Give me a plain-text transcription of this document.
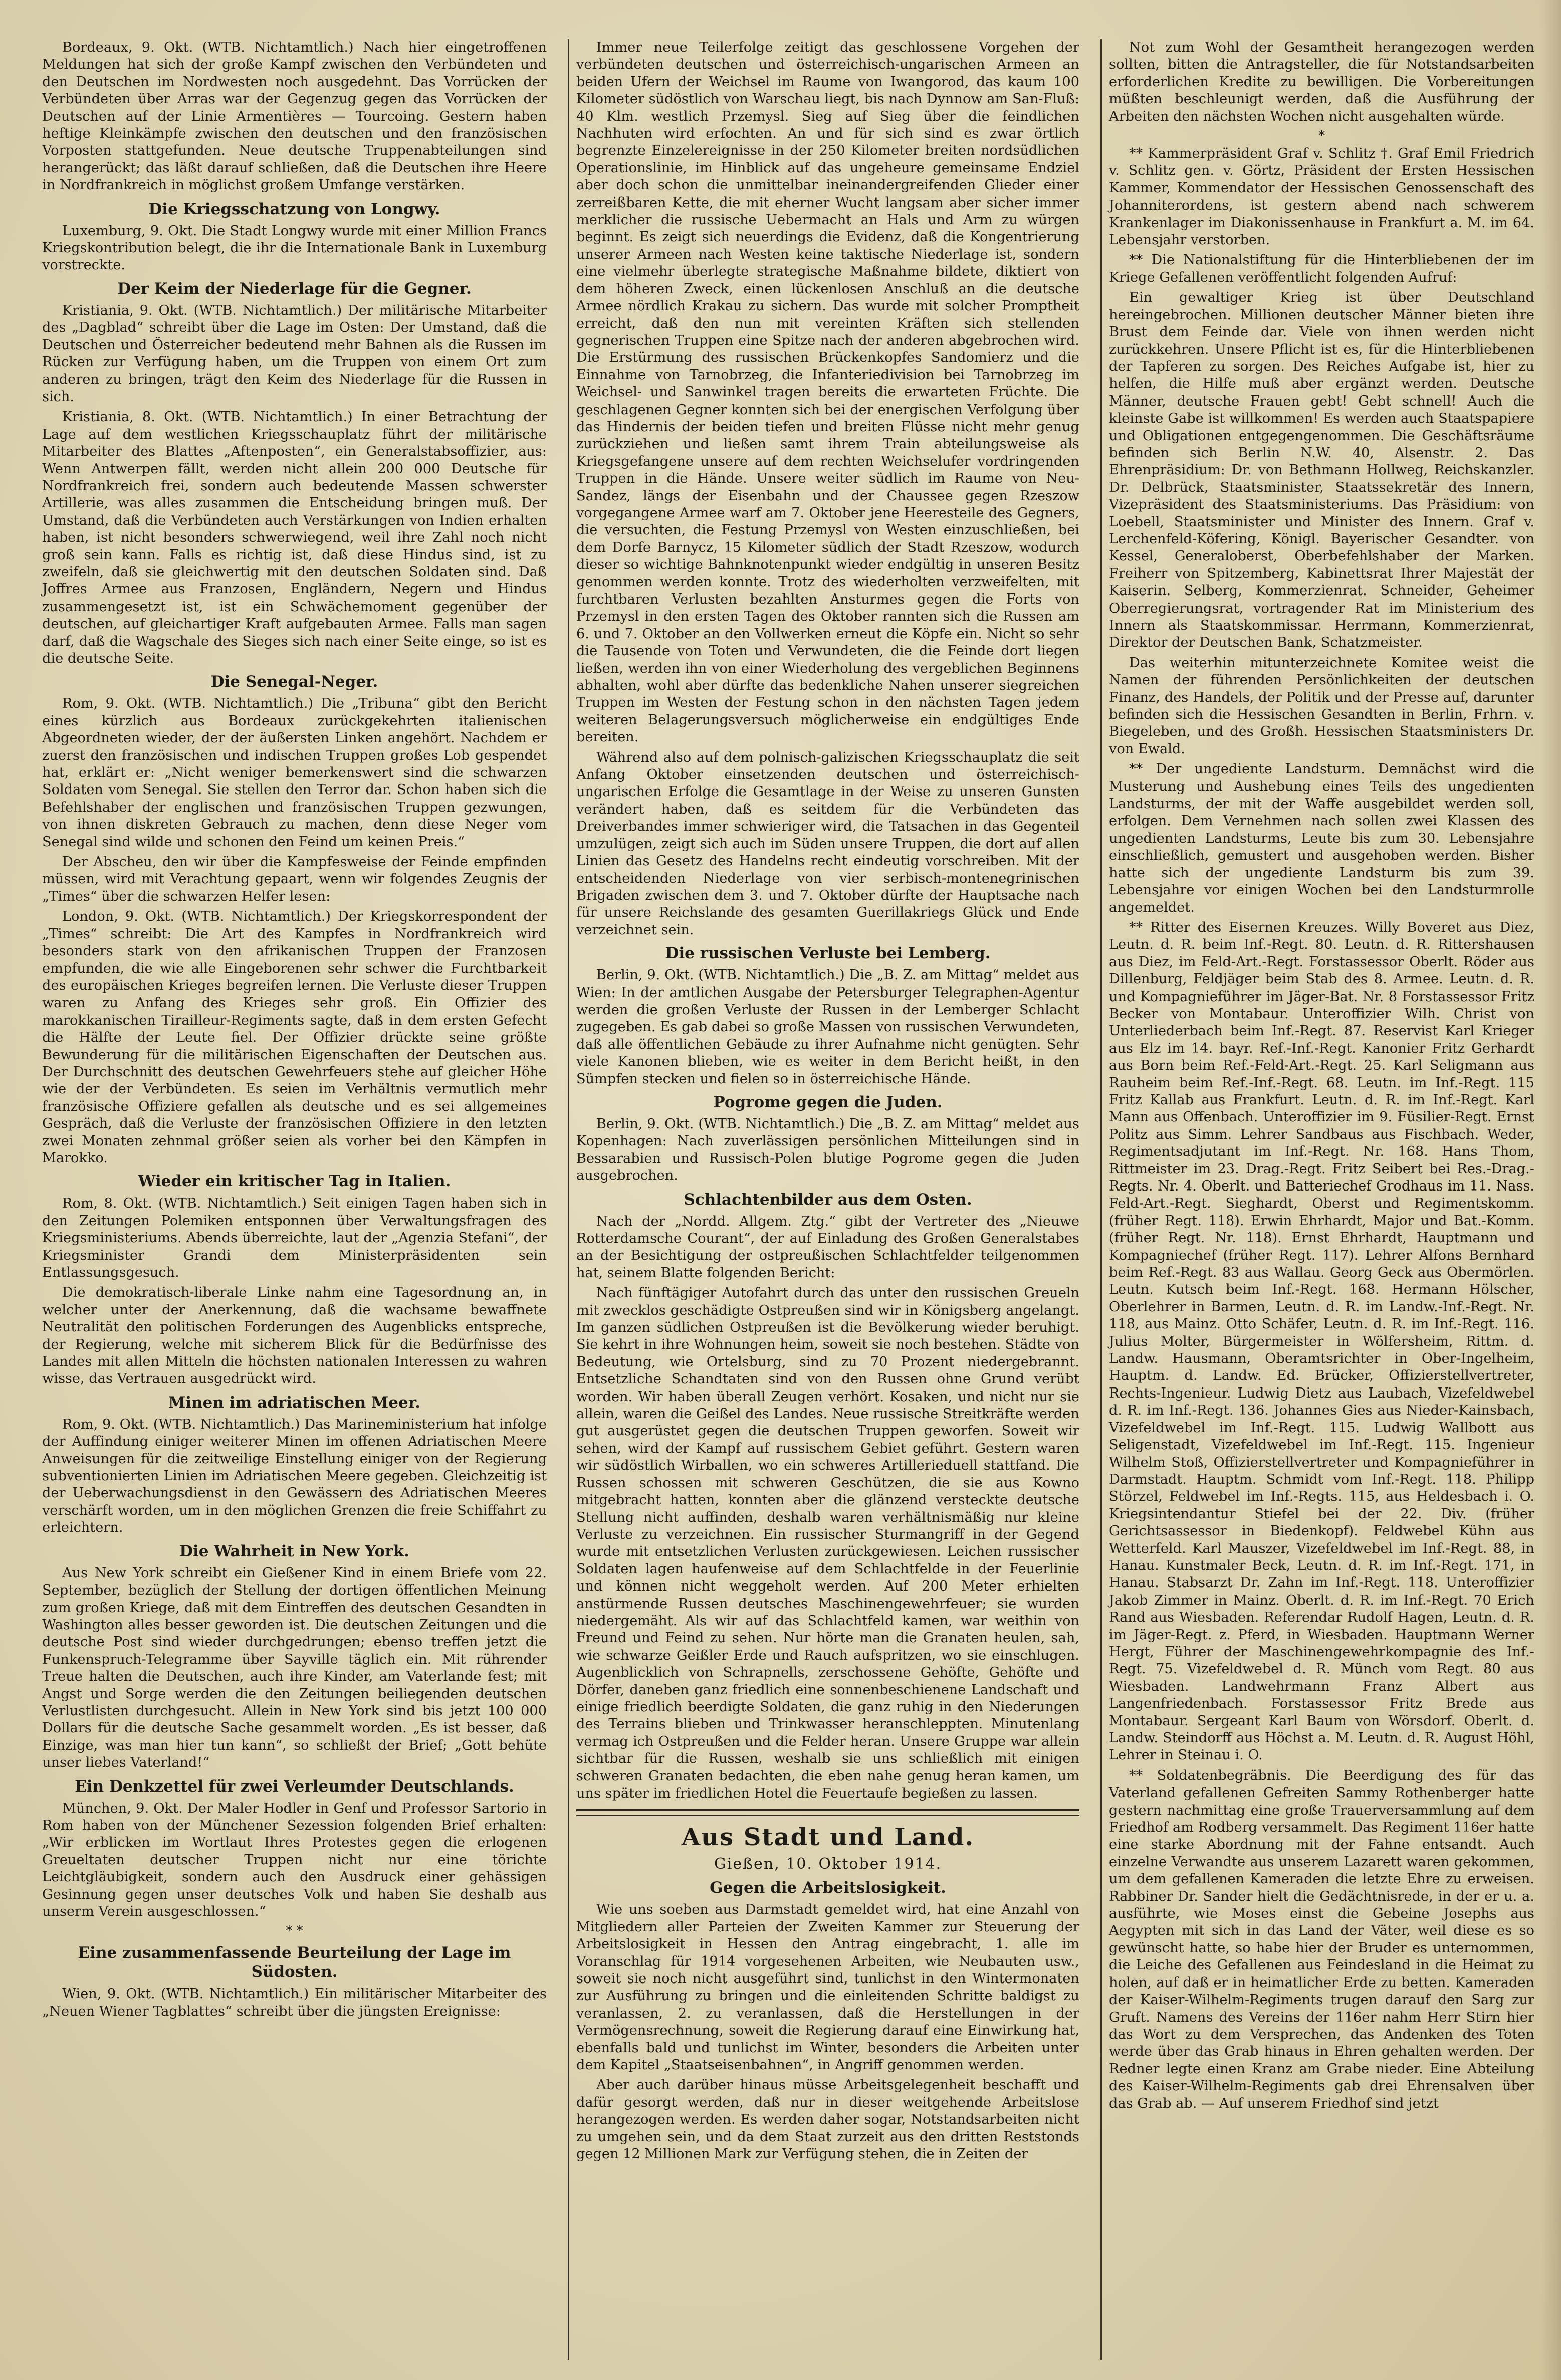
Bordeaux, 9. Okt. (WTB. Nichtamtlich.) Nach hier eingetroffenen Meldungen hat sich der große Kampf zwischen den Verbündeten und den Deutschen im Nordwesten noch ausgedehnt. Das Vorrücken der Verbündeten über Arras war der Gegenzug gegen das Vorrücken der Deutschen auf der Linie Armentières — Tourcoing. Gestern haben heftige Kleinkämpfe zwischen den deutschen und den französischen Vorposten stattgefunden. Neue deutsche Truppenabteilungen sind herangerückt; das läßt darauf schließen, daß die Deutschen ihre Heere in Nordfrankreich in möglichst großem Umfange verstärken.

Die Kriegsschatzung von Longwy.

Luxemburg, 9. Okt. Die Stadt Longwy wurde mit einer Million Francs Kriegskontribution belegt, die ihr die Internationale Bank in Luxemburg vorstreckte.

Der Keim der Niederlage für die Gegner.

Kristiania, 9. Okt. (WTB. Nichtamtlich.) Der militärische Mitarbeiter des „Dagblad“ schreibt über die Lage im Osten: Der Umstand, daß die Deutschen und Österreicher bedeutend mehr Bahnen als die Russen im Rücken zur Verfügung haben, um die Truppen von einem Ort zum anderen zu bringen, trägt den Keim des Niederlage für die Russen in sich.

Kristiania, 8. Okt. (WTB. Nichtamtlich.) In einer Betrachtung der Lage auf dem westlichen Kriegsschauplatz führt der militärische Mitarbeiter des Blattes „Aftenposten“, ein Generalstabsoffizier, aus: Wenn Antwerpen fällt, werden nicht allein 200 000 Deutsche für Nordfrankreich frei, sondern auch bedeutende Massen schwerster Artillerie, was alles zusammen die Entscheidung bringen muß. Der Umstand, daß die Verbündeten auch Verstärkungen von Indien erhalten haben, ist nicht besonders schwerwiegend, weil ihre Zahl noch nicht groß sein kann. Falls es richtig ist, daß diese Hindus sind, ist zu zweifeln, daß sie gleichwertig mit den deutschen Soldaten sind. Daß Joffres Armee aus Franzosen, Engländern, Negern und Hindus zusammengesetzt ist, ist ein Schwächemoment gegenüber der deutschen, auf gleichartiger Kraft aufgebauten Armee. Falls man sagen darf, daß die Wagschale des Sieges sich nach einer Seite einge, so ist es die deutsche Seite.

Die Senegal-Neger.

Rom, 9. Okt. (WTB. Nichtamtlich.) Die „Tribuna“ gibt den Bericht eines kürzlich aus Bordeaux zurückgekehrten italienischen Abgeordneten wieder, der der äußersten Linken angehört. Nachdem er zuerst den französischen und indischen Truppen großes Lob gespendet hat, erklärt er: „Nicht weniger bemerkenswert sind die schwarzen Soldaten vom Senegal. Sie stellen den Terror dar. Schon haben sich die Befehlshaber der englischen und französischen Truppen gezwungen, von ihnen diskreten Gebrauch zu machen, denn diese Neger vom Senegal sind wilde und schonen den Feind um keinen Preis.“

Der Abscheu, den wir über die Kampfesweise der Feinde empfinden müssen, wird mit Verachtung gepaart, wenn wir folgendes Zeugnis der „Times“ über die schwarzen Helfer lesen:

London, 9. Okt. (WTB. Nichtamtlich.) Der Kriegskorrespondent der „Times“ schreibt: Die Art des Kampfes in Nordfrankreich wird besonders stark von den afrikanischen Truppen der Franzosen empfunden, die wie alle Eingeborenen sehr schwer die Furchtbarkeit des europäischen Krieges begreifen lernen. Die Verluste dieser Truppen waren zu Anfang des Krieges sehr groß. Ein Offizier des marokkanischen Tirailleur-Regiments sagte, daß in dem ersten Gefecht die Hälfte der Leute fiel. Der Offizier drückte seine größte Bewunderung für die militärischen Eigenschaften der Deutschen aus. Der Durchschnitt des deutschen Gewehrfeuers stehe auf gleicher Höhe wie der der Verbündeten. Es seien im Verhältnis vermutlich mehr französische Offiziere gefallen als deutsche und es sei allgemeines Gespräch, daß die Verluste der französischen Offiziere in den letzten zwei Monaten zehnmal größer seien als vorher bei den Kämpfen in Marokko.

Wieder ein kritischer Tag in Italien.

Rom, 8. Okt. (WTB. Nichtamtlich.) Seit einigen Tagen haben sich in den Zeitungen Polemiken entsponnen über Verwaltungsfragen des Kriegsministeriums. Abends überreichte, laut der „Agenzia Stefani“, der Kriegsminister Grandi dem Ministerpräsidenten sein Entlassungsgesuch.

Die demokratisch-liberale Linke nahm eine Tagesordnung an, in welcher unter der Anerkennung, daß die wachsame bewaffnete Neutralität den politischen Forderungen des Augenblicks entspreche, der Regierung, welche mit sicherem Blick für die Bedürfnisse des Landes mit allen Mitteln die höchsten nationalen Interessen zu wahren wisse, das Vertrauen ausgedrückt wird.

Minen im adriatischen Meer.

Rom, 9. Okt. (WTB. Nichtamtlich.) Das Marineministerium hat infolge der Auffindung einiger weiterer Minen im offenen Adriatischen Meere Anweisungen für die zeitweilige Einstellung einiger von der Regierung subventionierten Linien im Adriatischen Meere gegeben. Gleichzeitig ist der Ueberwachungsdienst in den Gewässern des Adriatischen Meeres verschärft worden, um in den möglichen Grenzen die freie Schiffahrt zu erleichtern.

Die Wahrheit in New York.

Aus New York schreibt ein Gießener Kind in einem Briefe vom 22. September, bezüglich der Stellung der dortigen öffentlichen Meinung zum großen Kriege, daß mit dem Eintreffen des deutschen Gesandten in Washington alles besser geworden ist. Die deutschen Zeitungen und die deutsche Post sind wieder durchgedrungen; ebenso treffen jetzt die Funkenspruch-Telegramme über Sayville täglich ein. Mit rührender Treue halten die Deutschen, auch ihre Kinder, am Vaterlande fest; mit Angst und Sorge werden die den Zeitungen beiliegenden deutschen Verlustlisten durchgesucht. Allein in New York sind bis jetzt 100 000 Dollars für die deutsche Sache gesammelt worden. „Es ist besser, daß Einzige, was man hier tun kann“, so schließt der Brief; „Gott behüte unser liebes Vaterland!“

Ein Denkzettel für zwei Verleumder Deutschlands.

München, 9. Okt. Der Maler Hodler in Genf und Professor Sartorio in Rom haben von der Münchener Sezession folgenden Brief erhalten: „Wir erblicken im Wortlaut Ihres Protestes gegen die erlogenen Greueltaten deutscher Truppen nicht nur eine törichte Leichtgläubigkeit, sondern auch den Ausdruck einer gehässigen Gesinnung gegen unser deutsches Volk und haben Sie deshalb aus unserm Verein ausgeschlossen.“

* *
Eine zusammenfassende Beurteilung der Lage im Südosten.

Wien, 9. Okt. (WTB. Nichtamtlich.) Ein militärischer Mitarbeiter des „Neuen Wiener Tagblattes“ schreibt über die jüngsten Ereignisse:

Immer neue Teilerfolge zeitigt das geschlossene Vorgehen der verbündeten deutschen und österreichisch-ungarischen Armeen an beiden Ufern der Weichsel im Raume von Iwangorod, das kaum 100 Kilometer südöstlich von Warschau liegt, bis nach Dynnow am San-Fluß: 40 Klm. westlich Przemysl. Sieg auf Sieg über die feindlichen Nachhuten wird erfochten. An und für sich sind es zwar örtlich begrenzte Einzelereignisse in der 250 Kilometer breiten nordsüdlichen Operationslinie, im Hinblick auf das ungeheure gemeinsame Endziel aber doch schon die unmittelbar ineinandergreifenden Glieder einer zerreißbaren Kette, die mit eherner Wucht langsam aber sicher immer merklicher die russische Uebermacht an Hals und Arm zu würgen beginnt. Es zeigt sich neuerdings die Evidenz, daß die Kongentrierung unserer Armeen nach Westen keine taktische Niederlage ist, sondern eine vielmehr überlegte strategische Maßnahme bildete, diktiert von dem höheren Zweck, einen lückenlosen Anschluß an die deutsche Armee nördlich Krakau zu sichern. Das wurde mit solcher Promptheit erreicht, daß den nun mit vereinten Kräften sich stellenden gegnerischen Truppen eine Spitze nach der anderen abgebrochen wird. Die Erstürmung des russischen Brückenkopfes Sandomierz und die Einnahme von Tarnobrzeg, die Infanteriedivision bei Tarnobrzeg im Weichsel- und Sanwinkel tragen bereits die erwarteten Früchte. Die geschlagenen Gegner konnten sich bei der energischen Verfolgung über das Hindernis der beiden tiefen und breiten Flüsse nicht mehr genug zurückziehen und ließen samt ihrem Train abteilungsweise als Kriegsgefangene unsere auf dem rechten Weichselufer vordringenden Truppen in die Hände. Unsere weiter südlich im Raume von Neu-Sandez, längs der Eisenbahn und der Chaussee gegen Rzeszow vorgegangene Armee warf am 7. Oktober jene Heeresteile des Gegners, die versuchten, die Festung Przemysl von Westen einzuschließen, bei dem Dorfe Barnycz, 15 Kilometer südlich der Stadt Rzeszow, wodurch dieser so wichtige Bahnknotenpunkt wieder endgültig in unseren Besitz genommen werden konnte. Trotz des wiederholten verzweifelten, mit furchtbaren Verlusten bezahlten Ansturmes gegen die Forts von Przemysl in den ersten Tagen des Oktober rannten sich die Russen am 6. und 7. Oktober an den Vollwerken erneut die Köpfe ein. Nicht so sehr die Tausende von Toten und Verwundeten, die die Feinde dort liegen ließen, werden ihn von einer Wiederholung des vergeblichen Beginnens abhalten, wohl aber dürfte das bedenkliche Nahen unserer siegreichen Truppen im Westen der Festung schon in den nächsten Tagen jedem weiteren Belagerungsversuch möglicherweise ein endgültiges Ende bereiten.

Während also auf dem polnisch-galizischen Kriegsschauplatz die seit Anfang Oktober einsetzenden deutschen und österreichisch-ungarischen Erfolge die Gesamtlage in der Weise zu unseren Gunsten verändert haben, daß es seitdem für die Verbündeten das Dreiverbandes immer schwieriger wird, die Tatsachen in das Gegenteil umzulügen, zeigt sich auch im Süden unsere Truppen, die dort auf allen Linien das Gesetz des Handelns recht eindeutig vorschreiben. Mit der entscheidenden Niederlage von vier serbisch-montenegrinischen Brigaden zwischen dem 3. und 7. Oktober dürfte der Hauptsache nach für unsere Reichslande des gesamten Guerillakriegs Glück und Ende verzeichnet sein.

Die russischen Verluste bei Lemberg.

Berlin, 9. Okt. (WTB. Nichtamtlich.) Die „B. Z. am Mittag“ meldet aus Wien: In der amtlichen Ausgabe der Petersburger Telegraphen-Agentur werden die großen Verluste der Russen in der Lemberger Schlacht zugegeben. Es gab dabei so große Massen von russischen Verwundeten, daß alle öffentlichen Gebäude zu ihrer Aufnahme nicht genügten. Sehr viele Kanonen blieben, wie es weiter in dem Bericht heißt, in den Sümpfen stecken und fielen so in österreichische Hände.

Pogrome gegen die Juden.

Berlin, 9. Okt. (WTB. Nichtamtlich.) Die „B. Z. am Mittag“ meldet aus Kopenhagen: Nach zuverlässigen persönlichen Mitteilungen sind in Bessarabien und Russisch-Polen blutige Pogrome gegen die Juden ausgebrochen.

Schlachtenbilder aus dem Osten.

Nach der „Nordd. Allgem. Ztg.“ gibt der Vertreter des „Nieuwe Rotterdamsche Courant“, der auf Einladung des Großen Generalstabes an der Besichtigung der ostpreußischen Schlachtfelder teilgenommen hat, seinem Blatte folgenden Bericht:

Nach fünftägiger Autofahrt durch das unter den russischen Greueln mit zwecklos geschädigte Ostpreußen sind wir in Königsberg angelangt. Im ganzen südlichen Ostpreußen ist die Bevölkerung wieder beruhigt. Sie kehrt in ihre Wohnungen heim, soweit sie noch bestehen. Städte von Bedeutung, wie Ortelsburg, sind zu 70 Prozent niedergebrannt. Entsetzliche Schandtaten sind von den Russen ohne Grund verübt worden. Wir haben überall Zeugen verhört. Kosaken, und nicht nur sie allein, waren die Geißel des Landes. Neue russische Streitkräfte werden gut ausgerüstet gegen die deutschen Truppen geworfen. Soweit wir sehen, wird der Kampf auf russischem Gebiet geführt. Gestern waren wir südöstlich Wirballen, wo ein schweres Artillerieduell stattfand. Die Russen schossen mit schweren Geschützen, die sie aus Kowno mitgebracht hatten, konnten aber die glänzend versteckte deutsche Stellung nicht auffinden, deshalb waren verhältnismäßig nur kleine Verluste zu verzeichnen. Ein russischer Sturmangriff in der Gegend wurde mit entsetzlichen Verlusten zurückgewiesen. Leichen russischer Soldaten lagen haufenweise auf dem Schlachtfelde in der Feuerlinie und können nicht weggeholt werden. Auf 200 Meter erhielten anstürmende Russen deutsches Maschinengewehrfeuer; sie wurden niedergemäht. Als wir auf das Schlachtfeld kamen, war weithin von Freund und Feind zu sehen. Nur hörte man die Granaten heulen, sah, wie schwarze Geißler Erde und Rauch aufspritzen, wo sie einschlugen. Augenblicklich von Schrapnells, zerschossene Gehöfte, Gehöfte und Dörfer, daneben ganz friedlich eine sonnenbeschienene Landschaft und einige friedlich beerdigte Soldaten, die ganz ruhig in den Niederungen des Terrains blieben und Trinkwasser heranschleppten. Minutenlang vermag ich Ostpreußen und die Felder heran. Unsere Gruppe war allein sichtbar für die Russen, weshalb sie uns schließlich mit einigen schweren Granaten bedachten, die eben nahe genug heran kamen, um uns später im friedlichen Hotel die Feuertaufe begießen zu lassen.

Aus Stadt und Land.
Gießen, 10. Oktober 1914.
Gegen die Arbeitslosigkeit.

Wie uns soeben aus Darmstadt gemeldet wird, hat eine Anzahl von Mitgliedern aller Parteien der Zweiten Kammer zur Steuerung der Arbeitslosigkeit in Hessen den Antrag eingebracht, 1. alle im Voranschlag für 1914 vorgesehenen Arbeiten, wie Neubauten usw., soweit sie noch nicht ausgeführt sind, tunlichst in den Wintermonaten zur Ausführung zu bringen und die einleitenden Schritte baldigst zu veranlassen, 2. zu veranlassen, daß die Herstellungen in der Vermögensrechnung, soweit die Regierung darauf eine Einwirkung hat, ebenfalls bald und tunlichst im Winter, besonders die Arbeiten unter dem Kapitel „Staatseisenbahnen“, in Angriff genommen werden.

Aber auch darüber hinaus müsse Arbeitsgelegenheit beschafft und dafür gesorgt werden, daß nur in dieser weitgehende Arbeitslose herangezogen werden. Es werden daher sogar, Notstandsarbeiten nicht zu umgehen sein, und da dem Staat zurzeit aus den dritten Reststonds gegen 12 Millionen Mark zur Verfügung stehen, die in Zeiten der

Not zum Wohl der Gesamtheit herangezogen werden sollten, bitten die Antragsteller, die für Notstandsarbeiten erforderlichen Kredite zu bewilligen. Die Vorbereitungen müßten beschleunigt werden, daß die Ausführung der Arbeiten den nächsten Wochen nicht ausgehalten würde.

*

** Kammerpräsident Graf v. Schlitz †. Graf Emil Friedrich v. Schlitz gen. v. Görtz, Präsident der Ersten Hessischen Kammer, Kommendator der Hessischen Genossenschaft des Johanniterordens, ist gestern abend nach schwerem Krankenlager im Diakonissenhause in Frankfurt a. M. im 64. Lebensjahr verstorben.

** Die Nationalstiftung für die Hinterbliebenen der im Kriege Gefallenen veröffentlicht folgenden Aufruf:

Ein gewaltiger Krieg ist über Deutschland hereingebrochen. Millionen deutscher Männer bieten ihre Brust dem Feinde dar. Viele von ihnen werden nicht zurückkehren. Unsere Pflicht ist es, für die Hinterbliebenen der Tapferen zu sorgen. Des Reiches Aufgabe ist, hier zu helfen, die Hilfe muß aber ergänzt werden. Deutsche Männer, deutsche Frauen gebt! Gebt schnell! Auch die kleinste Gabe ist willkommen! Es werden auch Staatspapiere und Obligationen entgegengenommen. Die Geschäftsräume befinden sich Berlin N.W. 40, Alsenstr. 2. Das Ehrenpräsidium: Dr. von Bethmann Hollweg, Reichskanzler. Dr. Delbrück, Staatsminister, Staatssekretär des Innern, Vizepräsident des Staatsministeriums. Das Präsidium: von Loebell, Staatsminister und Minister des Innern. Graf v. Lerchenfeld-Köfering, Königl. Bayerischer Gesandter. von Kessel, Generaloberst, Oberbefehlshaber der Marken. Freiherr von Spitzemberg, Kabinettsrat Ihrer Majestät der Kaiserin. Selberg, Kommerzienrat. Schneider, Geheimer Oberregierungsrat, vortragender Rat im Ministerium des Innern als Staatskommissar. Herrmann, Kommerzienrat, Direktor der Deutschen Bank, Schatzmeister.

Das weiterhin mitunterzeichnete Komitee weist die Namen der führenden Persönlichkeiten der deutschen Finanz, des Handels, der Politik und der Presse auf, darunter befinden sich die Hessischen Gesandten in Berlin, Frhrn. v. Biegeleben, und des Großh. Hessischen Staatsministers Dr. von Ewald.

** Der ungediente Landsturm. Demnächst wird die Musterung und Aushebung eines Teils des ungedienten Landsturms, der mit der Waffe ausgebildet werden soll, erfolgen. Dem Vernehmen nach sollen zwei Klassen des ungedienten Landsturms, Leute bis zum 30. Lebensjahre einschließlich, gemustert und ausgehoben werden. Bisher hatte sich der ungediente Landsturm bis zum 39. Lebensjahre vor einigen Wochen bei den Landsturmrolle angemeldet.

** Ritter des Eisernen Kreuzes. Willy Boveret aus Diez, Leutn. d. R. beim Inf.-Regt. 80. Leutn. d. R. Rittershausen aus Diez, im Feld-Art.-Regt. Forstassessor Oberlt. Röder aus Dillenburg, Feldjäger beim Stab des 8. Armee. Leutn. d. R. und Kompagnieführer im Jäger-Bat. Nr. 8 Forstassessor Fritz Becker von Montabaur. Unteroffizier Wilh. Christ von Unterliederbach beim Inf.-Regt. 87. Reservist Karl Krieger aus Elz im 14. bayr. Ref.-Inf.-Regt. Kanonier Fritz Gerhardt aus Born beim Ref.-Feld-Art.-Regt. 25. Karl Seligmann aus Rauheim beim Ref.-Inf.-Regt. 68. Leutn. im Inf.-Regt. 115 Fritz Kallab aus Frankfurt. Leutn. d. R. im Inf.-Regt. Karl Mann aus Offenbach. Unteroffizier im 9. Füsilier-Regt. Ernst Politz aus Simm. Lehrer Sandbaus aus Fischbach. Weder, Regimentsadjutant im Inf.-Regt. Nr. 168. Hans Thom, Rittmeister im 23. Drag.-Regt. Fritz Seibert bei Res.-Drag.-Regts. Nr. 4. Oberlt. und Batteriechef Grodhaus im 11. Nass. Feld-Art.-Regt. Sieghardt, Oberst und Regimentskomm. (früher Regt. 118). Erwin Ehrhardt, Major und Bat.-Komm. (früher Regt. Nr. 118). Ernst Ehrhardt, Hauptmann und Kompagniechef (früher Regt. 117). Lehrer Alfons Bernhard beim Ref.-Regt. 83 aus Wallau. Georg Geck aus Obermörlen. Leutn. Kutsch beim Inf.-Regt. 168. Hermann Hölscher, Oberlehrer in Barmen, Leutn. d. R. im Landw.-Inf.-Regt. Nr. 118, aus Mainz. Otto Schäfer, Leutn. d. R. im Inf.-Regt. 116. Julius Molter, Bürgermeister in Wölfersheim, Rittm. d. Landw. Hausmann, Oberamtsrichter in Ober-Ingelheim, Hauptm. d. Landw. Ed. Brücker, Offizierstellvertreter, Rechts-Ingenieur. Ludwig Dietz aus Laubach, Vizefeldwebel d. R. im Inf.-Regt. 136. Johannes Gies aus Nieder-Kainsbach, Vizefeldwebel im Inf.-Regt. 115. Ludwig Wallbott aus Seligenstadt, Vizefeldwebel im Inf.-Regt. 115. Ingenieur Wilhelm Stoß, Offizierstellvertreter und Kompagnieführer in Darmstadt. Hauptm. Schmidt vom Inf.-Regt. 118. Philipp Störzel, Feldwebel im Inf.-Regts. 115, aus Heldesbach i. O. Kriegsintendantur Stiefel bei der 22. Div. (früher Gerichtsassessor in Biedenkopf). Feldwebel Kühn aus Wetterfeld. Karl Mauszer, Vizefeldwebel im Inf.-Regt. 88, in Hanau. Kunstmaler Beck, Leutn. d. R. im Inf.-Regt. 171, in Hanau. Stabsarzt Dr. Zahn im Inf.-Regt. 118. Unteroffizier Jakob Zimmer in Mainz. Oberlt. d. R. im Inf.-Regt. 70 Erich Rand aus Wiesbaden. Referendar Rudolf Hagen, Leutn. d. R. im Jäger-Regt. z. Pferd, in Wiesbaden. Hauptmann Werner Hergt, Führer der Maschinengewehrkompagnie des Inf.-Regt. 75. Vizefeldwebel d. R. Münch vom Regt. 80 aus Wiesbaden. Landwehrmann Franz Albert aus Langenfriedenbach. Forstassessor Fritz Brede aus Montabaur. Sergeant Karl Baum von Wörsdorf. Oberlt. d. Landw. Steindorff aus Höchst a. M. Leutn. d. R. August Höhl, Lehrer in Steinau i. O.

** Soldatenbegräbnis. Die Beerdigung des für das Vaterland gefallenen Gefreiten Sammy Rothenberger hatte gestern nachmittag eine große Trauerversammlung auf dem Friedhof am Rodberg versammelt. Das Regiment 116er hatte eine starke Abordnung mit der Fahne entsandt. Auch einzelne Verwandte aus unserem Lazarett waren gekommen, um dem gefallenen Kameraden die letzte Ehre zu erweisen. Rabbiner Dr. Sander hielt die Gedächtnisrede, in der er u. a. ausführte, wie Moses einst die Gebeine Josephs aus Aegypten mit sich in das Land der Väter, weil diese es so gewünscht hatte, so habe hier der Bruder es unternommen, die Leiche des Gefallenen aus Feindesland in die Heimat zu holen, auf daß er in heimatlicher Erde zu betten. Kameraden der Kaiser-Wilhelm-Regiments trugen darauf den Sarg zur Gruft. Namens des Vereins der 116er nahm Herr Stirn hier das Wort zu dem Versprechen, das Andenken des Toten werde über das Grab hinaus in Ehren gehalten werden. Der Redner legte einen Kranz am Grabe nieder. Eine Abteilung des Kaiser-Wilhelm-Regiments gab drei Ehrensalven über das Grab ab. — Auf unserem Friedhof sind jetzt
